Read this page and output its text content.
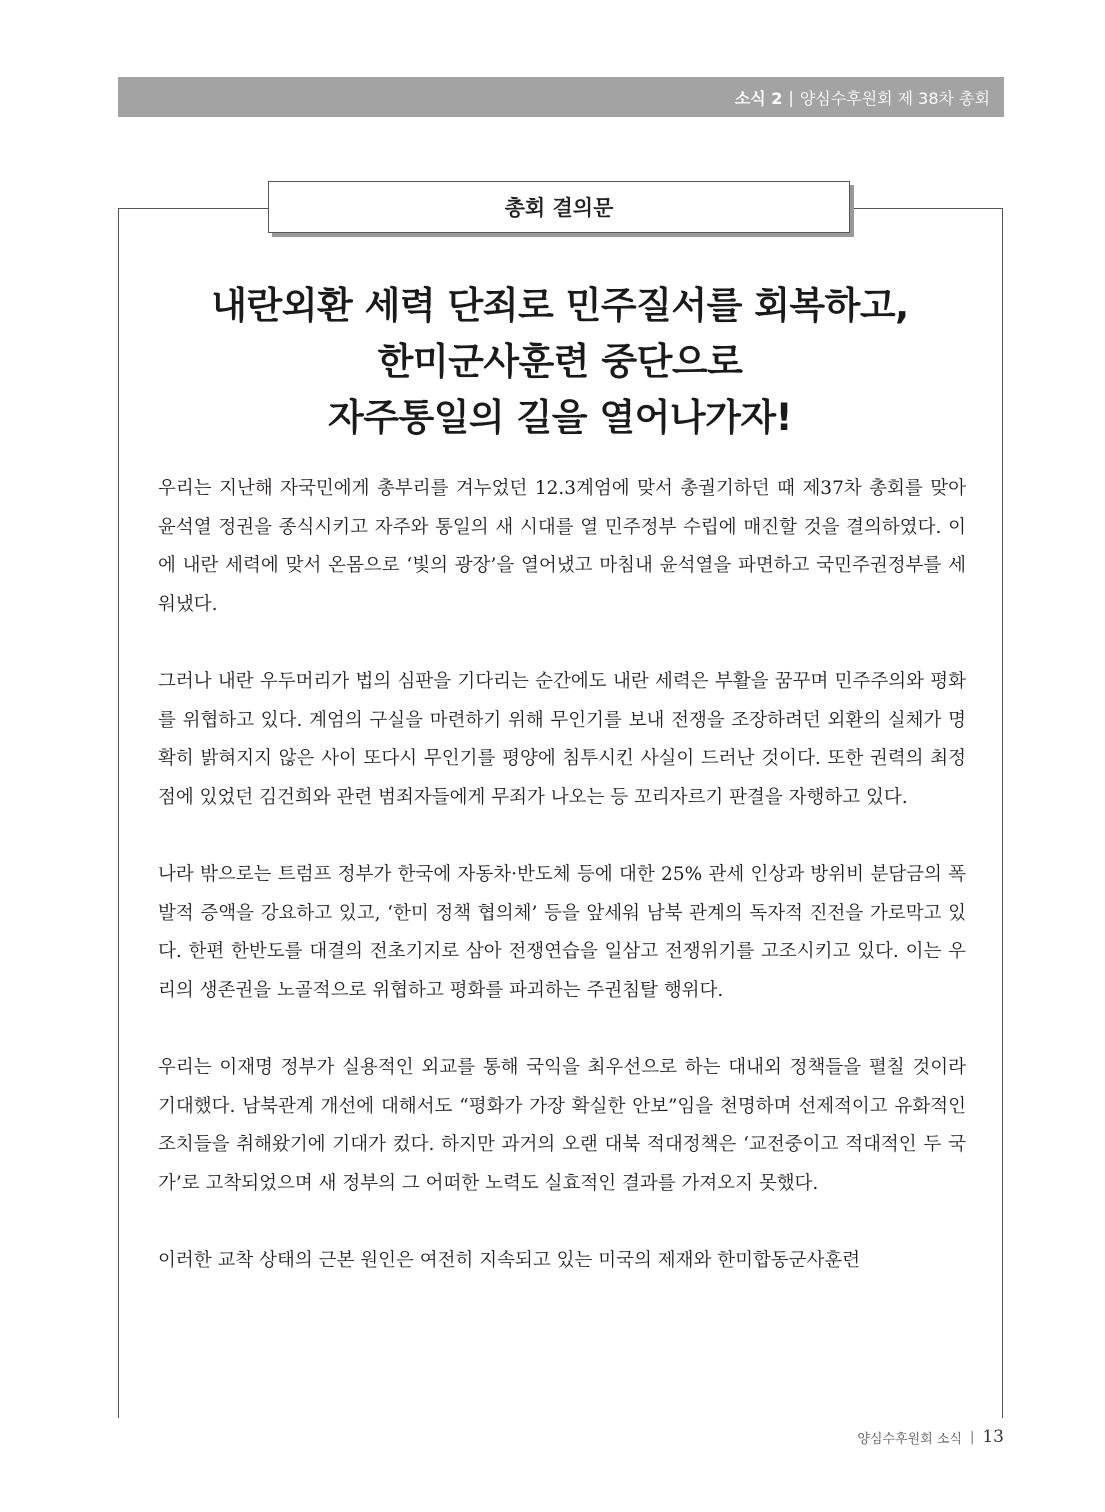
소식 2 | 양심수후원회 제 38차 총회
총회 결의문
내란외환 세력 단죄로 민주질서를 회복하고,
한미군사훈련 중단으로
자주통일의 길을 열어나가자!

우리는 지난해 자국민에게 총부리를 겨누었던 12.3계엄에 맞서 총궐기하던 때 제37차 총회를 맞아 윤석열 정권을 종식시키고 자주와 통일의 새 시대를 열 민주정부 수립에 매진할 것을 결의하였다. 이에 내란 세력에 맞서 온몸으로 ‘빛의 광장’을 열어냈고 마침내 윤석열을 파면하고 국민주권정부를 세워냈다.

그러나 내란 우두머리가 법의 심판을 기다리는 순간에도 내란 세력은 부활을 꿈꾸며 민주주의와 평화를 위협하고 있다. 계엄의 구실을 마련하기 위해 무인기를 보내 전쟁을 조장하려던 외환의 실체가 명확히 밝혀지지 않은 사이 또다시 무인기를 평양에 침투시킨 사실이 드러난 것이다. 또한 권력의 최정점에 있었던 김건희와 관련 범죄자들에게 무죄가 나오는 등 꼬리자르기 판결을 자행하고 있다.

나라 밖으로는 트럼프 정부가 한국에 자동차·반도체 등에 대한 25% 관세 인상과 방위비 분담금의 폭발적 증액을 강요하고 있고, ‘한미 정책 협의체’ 등을 앞세워 남북 관계의 독자적 진전을 가로막고 있다. 한편 한반도를 대결의 전초기지로 삼아 전쟁연습을 일삼고 전쟁위기를 고조시키고 있다. 이는 우리의 생존권을 노골적으로 위협하고 평화를 파괴하는 주권침탈 행위다.

우리는 이재명 정부가 실용적인 외교를 통해 국익을 최우선으로 하는 대내외 정책들을 펼칠 것이라 기대했다. 남북관계 개선에 대해서도 “평화가 가장 확실한 안보”임을 천명하며 선제적이고 유화적인 조치들을 취해왔기에 기대가 컸다. 하지만 과거의 오랜 대북 적대정책은 ‘교전중이고 적대적인 두 국가’로 고착되었으며 새 정부의 그 어떠한 노력도 실효적인 결과를 가져오지 못했다.

이러한 교착 상태의 근본 원인은 여전히 지속되고 있는 미국의 제재와 한미합동군사훈련

양심수후원회 소식 | 13
